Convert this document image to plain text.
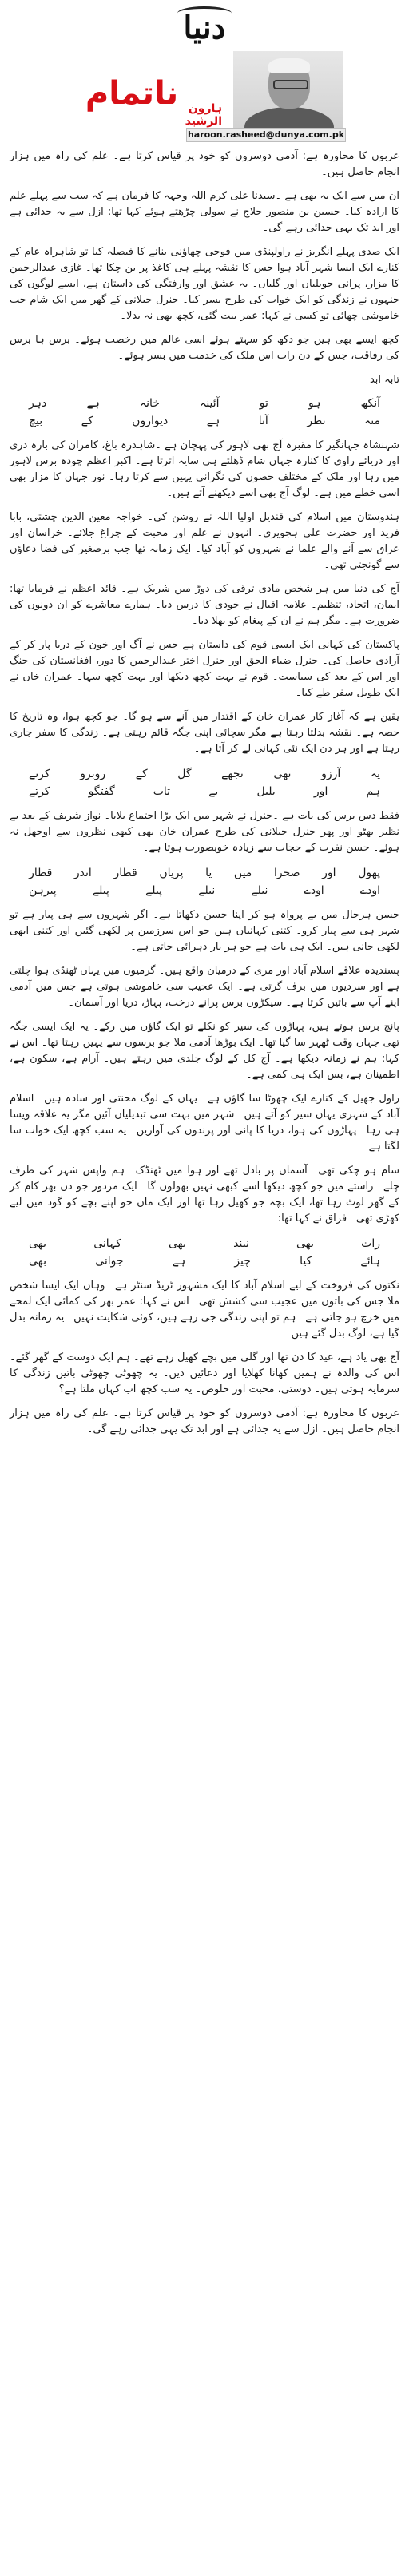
دنیا
ناتمام ہارون الرشید
haroon.rasheed@dunya.com.pk

عربوں کا محاورہ ہے: آدمی دوسروں کو خود پر قیاس کرتا ہے۔ علم کی راہ میں ہزار انجام حاصل ہیں۔

ان میں سے ایک یہ بھی ہے ۔سیدنا علی کرم اللہ وجہہ کا فرمان ہے کہ سب سے پہلے علم کا ارادہ کیا۔ حسین بن منصور حلاج نے سولی چڑھتے ہوئے کہا تھا: ازل سے یہ جدائی ہے اور ابد تک یہی جدائی رہے گی۔

ایک صدی پہلے انگریز نے راولپنڈی میں فوجی چھاؤنی بنانے کا فیصلہ کیا تو شاہراہ عام کے کنارے ایک ایسا شہر آباد ہوا جس کا نقشہ پہلے ہی کاغذ پر بن چکا تھا۔ غازی عبدالرحمن کا مزار، پرانی حویلیاں اور گلیاں۔ یہ عشق اور وارفتگی کی داستان ہے، ایسے لوگوں کی جنہوں نے زندگی کو ایک خواب کی طرح بسر کیا۔ جنرل جیلانی کے گھر میں ایک شام جب خاموشی چھائی تو کسی نے کہا: عمر بیت گئی، کچھ بھی نہ بدلا۔

کچھ ایسے بھی ہیں جو دکھ کو سہتے ہوئے اسی عالم میں رخصت ہوئے۔ برس ہا برس کی رفاقت، جس کے دن رات اس ملک کی خدمت میں بسر ہوئے۔

تابہ ابد

آنکھ
ہو
تو
آئینہ
خانہ
ہے
دہر
منہ
نظر
آتا
ہے
دیواروں
کے
بیچ

شہنشاہ جہانگیر کا مقبرہ آج بھی لاہور کی پہچان ہے ۔شاہدرہ باغ، کامران کی بارہ دری اور دریائے راوی کا کنارہ جہاں شام ڈھلتے ہی سایہ اترتا ہے۔ اکبر اعظم چودہ برس لاہور میں رہا اور ملک کے مختلف حصوں کی نگرانی یہیں سے کرتا رہا۔ نور جہاں کا مزار بھی اسی خطے میں ہے۔ لوگ آج بھی اسے دیکھنے آتے ہیں۔

ہندوستان میں اسلام کی قندیل اولیا اللہ نے روشن کی۔ خواجہ معین الدین چشتی، بابا فرید اور حضرت علی ہجویری۔ انہوں نے علم اور محبت کے چراغ جلائے۔ خراسان اور عراق سے آنے والے علما نے شہروں کو آباد کیا۔ ایک زمانہ تھا جب برصغیر کی فضا دعاؤں سے گونجتی تھی۔

آج کی دنیا میں ہر شخص مادی ترقی کی دوڑ میں شریک ہے۔ قائد اعظم نے فرمایا تھا: ایمان، اتحاد، تنظیم۔ علامہ اقبال نے خودی کا درس دیا۔ ہمارے معاشرے کو ان دونوں کی ضرورت ہے۔ مگر ہم نے ان کے پیغام کو بھلا دیا۔

پاکستان کی کہانی ایک ایسی قوم کی داستان ہے جس نے آگ اور خون کے دریا پار کر کے آزادی حاصل کی۔ جنرل ضیاء الحق اور جنرل اختر عبدالرحمن کا دور، افغانستان کی جنگ اور اس کے بعد کی سیاست۔ قوم نے بہت کچھ دیکھا اور بہت کچھ سہا۔ عمران خان نے ایک طویل سفر طے کیا۔

یقین ہے کہ آغاز کار عمران خان کے اقتدار میں آنے سے ہو گا۔ جو کچھ ہوا، وہ تاریخ کا حصہ ہے۔ نقشہ بدلتا رہتا ہے مگر سچائی اپنی جگہ قائم رہتی ہے۔ زندگی کا سفر جاری رہتا ہے اور ہر دن ایک نئی کہانی لے کر آتا ہے۔

یہ
آرزو
تھی
تجھے
گل
کے
روبرو
کرتے
ہم
اور
بلبل
بے
تاب
گفتگو
کرتے

فقط دس برس کی بات ہے ۔جنرل نے شہر میں ایک بڑا اجتماع بلایا۔ نواز شریف کے بعد بے نظیر بھٹو اور پھر جنرل جیلانی کی طرح عمران خان بھی کبھی نظروں سے اوجھل نہ ہوئے۔ حسن نفرت کے حجاب سے زیادہ خوبصورت ہوتا ہے۔

پھول
اور
صحرا
میں
یا
پریاں
قطار
اندر
قطار
اودے
اودے
نیلے
نیلے
پیلے
پیلے
پیرہن

حسن ہرحال میں بے پرواہ ہو کر اپنا حسن دکھاتا ہے۔ اگر شہروں سے ہی پیار ہے تو شہر ہی سے پیار کرو۔ کتنی کہانیاں ہیں جو اس سرزمین پر لکھی گئیں اور کتنی ابھی لکھی جانی ہیں۔ ایک ہی بات ہے جو ہر بار دہرائی جاتی ہے۔

پسندیدہ علاقے اسلام آباد اور مری کے درمیان واقع ہیں۔ گرمیوں میں یہاں ٹھنڈی ہوا چلتی ہے اور سردیوں میں برف گرتی ہے۔ ایک عجیب سی خاموشی ہوتی ہے جس میں آدمی اپنے آپ سے باتیں کرتا ہے۔ سیکڑوں برس پرانے درخت، پہاڑ، دریا اور آسمان۔

پانچ برس ہوتے ہیں، پہاڑوں کی سیر کو نکلے تو ایک گاؤں میں رکے۔ یہ ایک ایسی جگہ تھی جہاں وقت ٹھہر سا گیا تھا۔ ایک بوڑھا آدمی ملا جو برسوں سے یہیں رہتا تھا۔ اس نے کہا: ہم نے زمانہ دیکھا ہے۔ آج کل کے لوگ جلدی میں رہتے ہیں۔ آرام ہے، سکون ہے، اطمینان ہے، بس ایک ہی کمی ہے۔

راول جھیل کے کنارے ایک چھوٹا سا گاؤں ہے۔ یہاں کے لوگ محنتی اور سادہ ہیں۔ اسلام آباد کے شہری یہاں سیر کو آتے ہیں۔ شہر میں بہت سی تبدیلیاں آئیں مگر یہ علاقہ ویسا ہی رہا۔ پہاڑوں کی ہوا، دریا کا پانی اور پرندوں کی آوازیں۔ یہ سب کچھ ایک خواب سا لگتا ہے۔

شام ہو چکی تھی ۔آسمان پر بادل تھے اور ہوا میں ٹھنڈک۔ ہم واپس شہر کی طرف چلے۔ راستے میں جو کچھ دیکھا اسے کبھی نہیں بھولوں گا۔ ایک مزدور جو دن بھر کام کر کے گھر لوٹ رہا تھا، ایک بچہ جو کھیل رہا تھا اور ایک ماں جو اپنے بچے کو گود میں لیے کھڑی تھی۔ فراق نے کہا تھا:

رات
بھی
نیند
بھی
کہانی
بھی
ہائے
کیا
چیز
ہے
جوانی
بھی

نکتوں کی فروخت کے لیے اسلام آباد کا ایک مشہور ٹریڈ سنٹر ہے۔ وہاں ایک ایسا شخص ملا جس کی باتوں میں عجیب سی کشش تھی۔ اس نے کہا: عمر بھر کی کمائی ایک لمحے میں خرچ ہو جاتی ہے۔ ہم تو اپنی زندگی جی رہے ہیں، کوئی شکایت نہیں۔ یہ زمانہ بدل گیا ہے، لوگ بدل گئے ہیں۔

آج بھی یاد ہے، عید کا دن تھا اور گلی میں بچے کھیل رہے تھے۔ ہم ایک دوست کے گھر گئے۔ اس کی والدہ نے ہمیں کھانا کھلایا اور دعائیں دیں۔ یہ چھوٹی چھوٹی باتیں زندگی کا سرمایہ ہوتی ہیں۔ دوستی، محبت اور خلوص۔ یہ سب کچھ اب کہاں ملتا ہے؟

عربوں کا محاورہ ہے: آدمی دوسروں کو خود پر قیاس کرتا ہے۔ علم کی راہ میں ہزار انجام حاصل ہیں۔ ازل سے یہ جدائی ہے اور ابد تک یہی جدائی رہے گی۔
